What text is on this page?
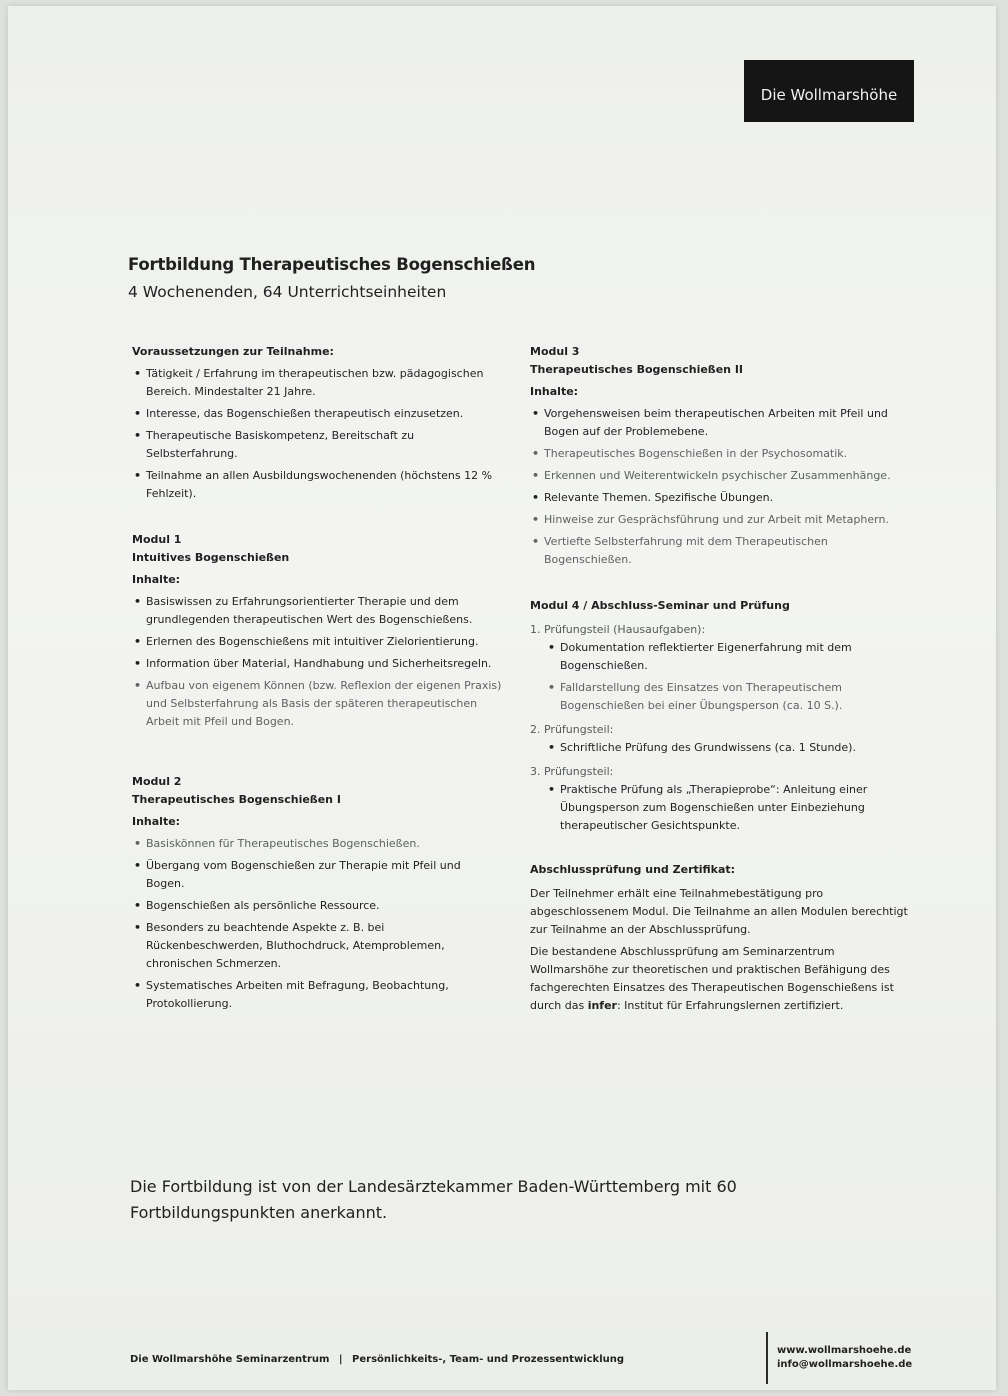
Die Wollmarshöhe
Fortbildung Therapeutisches Bogenschießen
4 Wochenenden, 64 Unterrichtseinheiten
Voraussetzungen zur Teilnahme:
• Tätigkeit / Erfahrung im therapeutischen bzw. pädagogischen Bereich. Mindestalter 21 Jahre.
• Interesse, das Bogenschießen therapeutisch einzusetzen.
• Therapeutische Basiskompetenz, Bereitschaft zu Selbsterfahrung.
• Teilnahme an allen Ausbildungswochenenden (höchstens 12 % Fehlzeit).
Modul 1
Intuitives Bogenschießen
Inhalte:
• Basiswissen zu Erfahrungsorientierter Therapie und dem grundlegenden therapeutischen Wert des Bogenschießens.
• Erlernen des Bogenschießens mit intuitiver Zielorientierung.
• Information über Material, Handhabung und Sicherheitsregeln.
• Aufbau von eigenem Können (bzw. Reflexion der eigenen Praxis) und Selbsterfahrung als Basis der späteren therapeutischen Arbeit mit Pfeil und Bogen.
Modul 2
Therapeutisches Bogenschießen I
Inhalte:
• Basiskönnen für Therapeutisches Bogenschießen.
• Übergang vom Bogenschießen zur Therapie mit Pfeil und Bogen.
• Bogenschießen als persönliche Ressource.
• Besonders zu beachtende Aspekte z. B. bei Rückenbeschwerden, Bluthochdruck, Atemproblemen, chronischen Schmerzen.
• Systematisches Arbeiten mit Befragung, Beobachtung, Protokollierung.
Modul 3
Therapeutisches Bogenschießen II
Inhalte:
• Vorgehensweisen beim therapeutischen Arbeiten mit Pfeil und Bogen auf der Problemebene.
• Therapeutisches Bogenschießen in der Psychosomatik.
• Erkennen und Weiterentwickeln psychischer Zusammenhänge.
• Relevante Themen. Spezifische Übungen.
• Hinweise zur Gesprächsführung und zur Arbeit mit Metaphern.
• Vertiefte Selbsterfahrung mit dem Therapeutischen Bogenschießen.
Modul 4 / Abschluss-Seminar und Prüfung
1. Prüfungsteil (Hausaufgaben):
• Dokumentation reflektierter Eigenerfahrung mit dem Bogenschießen.
• Falldarstellung des Einsatzes von Therapeutischem Bogenschießen bei einer Übungsperson (ca. 10 S.).
2. Prüfungsteil:
• Schriftliche Prüfung des Grundwissens (ca. 1 Stunde).
3. Prüfungsteil:
• Praktische Prüfung als „Therapieprobe“: Anleitung einer Übungsperson zum Bogenschießen unter Einbeziehung therapeutischer Gesichtspunkte.
Abschlussprüfung und Zertifikat:

Der Teilnehmer erhält eine Teilnahmebestätigung pro abgeschlossenem Modul. Die Teilnahme an allen Modulen berechtigt zur Teilnahme an der Abschlussprüfung.

Die bestandene Abschlussprüfung am Seminarzentrum Wollmarshöhe zur theoretischen und praktischen Befähigung des fachgerechten Einsatzes des Therapeutischen Bogenschießens ist durch das infer: Institut für Erfahrungslernen zertifiziert.

Die Fortbildung ist von der Landesärztekammer Baden-Württemberg mit 60 Fortbildungspunkten anerkannt.
Die Wollmarshöhe Seminarzentrum | Persönlichkeits-, Team- und Prozessentwicklung
www.wollmarshoehe.de
info@wollmarshoehe.de
